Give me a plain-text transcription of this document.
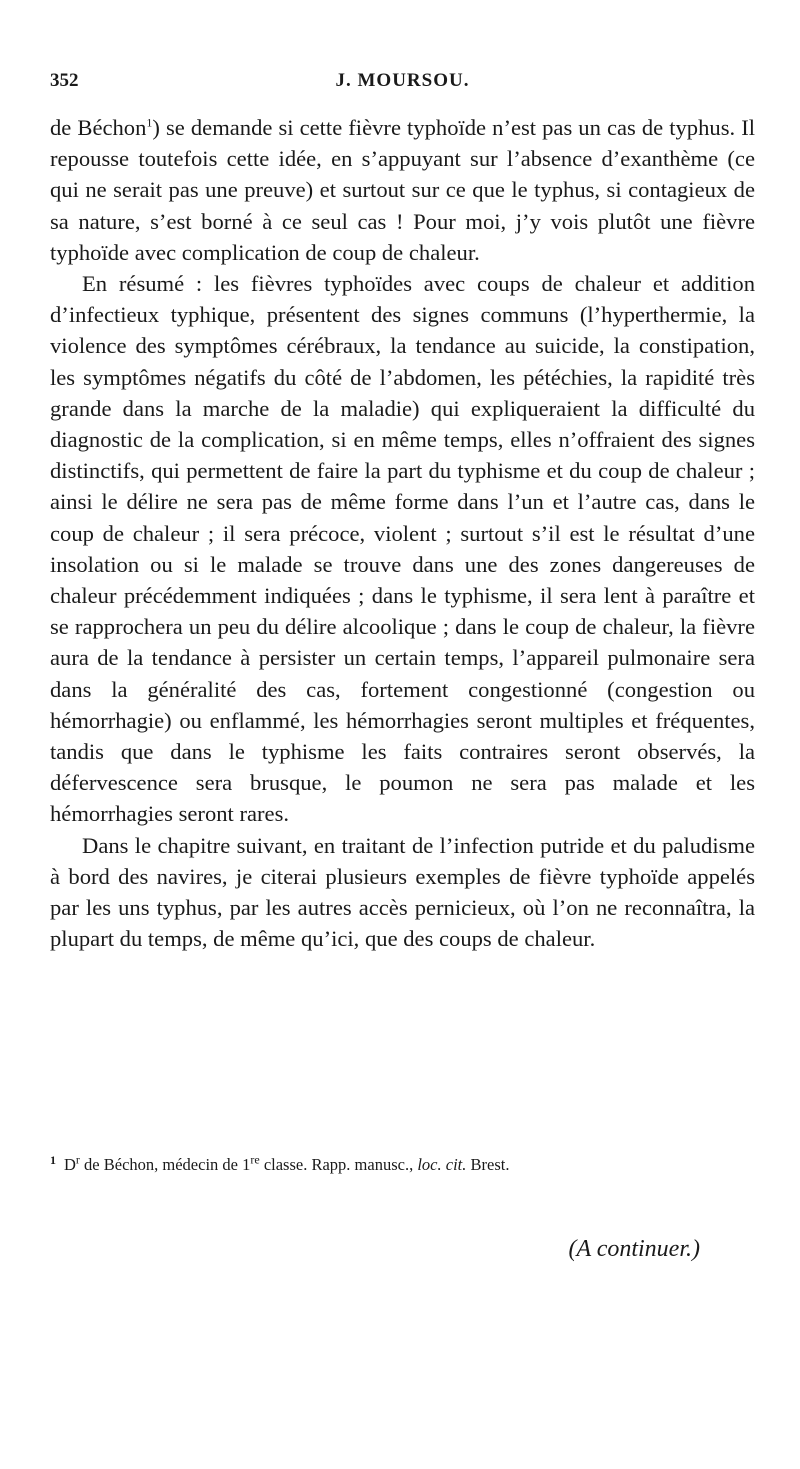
352	J. MOURSOU.

de Béchon$^1$) se demande si cette fièvre typhoïde n’est pas un cas de typhus. Il repousse toutefois cette idée, en s’appuyant sur l’absence d’exanthème (ce qui ne serait pas une preuve) et surtout sur ce que le typhus, si contagieux de sa nature, s’est borné à ce seul cas ! Pour moi, j’y vois plutôt une fièvre typhoïde avec complication de coup de chaleur.

En résumé : les fièvres typhoïdes avec coups de chaleur et addition d’infectieux typhique, présentent des signes communs (l’hyperthermie, la violence des symptômes cérébraux, la tendance au suicide, la constipation, les symptômes négatifs du côté de l’abdomen, les pétéchies, la rapidité très grande dans la marche de la maladie) qui expliqueraient la difficulté du diagnostic de la complication, si en même temps, elles n’offraient des signes distinctifs, qui permettent de faire la part du typhisme et du coup de chaleur ; ainsi le délire ne sera pas de même forme dans l’un et l’autre cas, dans le coup de chaleur ; il sera précoce, violent ; surtout s’il est le résultat d’une insolation ou si le malade se trouve dans une des zones dangereuses de chaleur précédemment indiquées ; dans le typhisme, il sera lent à paraître et se rapprochera un peu du délire alcoolique ; dans le coup de chaleur, la fièvre aura de la tendance à persister un certain temps, l’appareil pulmonaire sera dans la généralité des cas, fortement congestionné (congestion ou hémorrhagie) ou enflammé, les hémorrhagies seront multiples et fréquentes, tandis que dans le typhisme les faits contraires seront observés, la défervescence sera brusque, le poumon ne sera pas malade et les hémorrhagies seront rares.

Dans le chapitre suivant, en traitant de l’infection putride et du paludisme à bord des navires, je citerai plusieurs exemples de fièvre typhoïde appelés par les uns typhus, par les autres accès pernicieux, où l’on ne reconnaîtra, la plupart du temps, de même qu’ici, que des coups de chaleur.

$^1$ $D^r$ de Béchon, médecin de 1re classe. Rapp. manusc., loc. cit. Brest.
(A continuer.)
